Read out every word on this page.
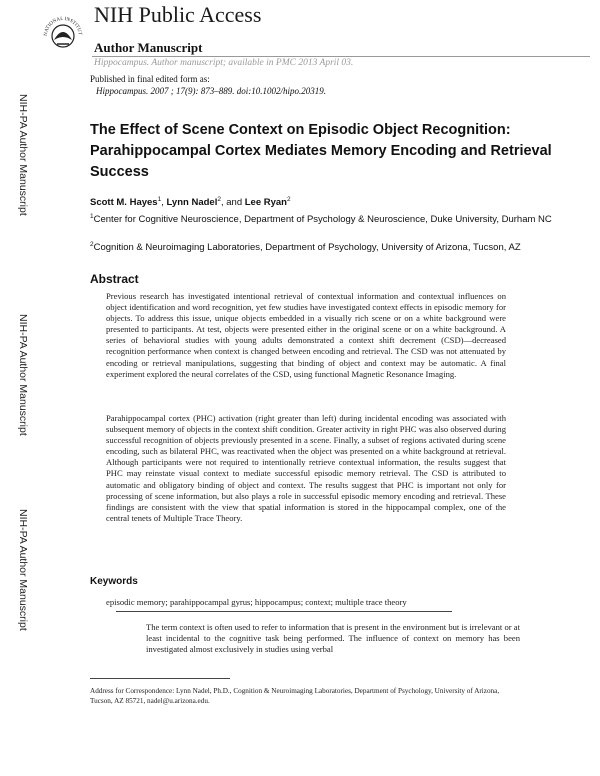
NATIONAL INSTITUT
NIH Public Access
Author Manuscript
Hippocampus. Author manuscript; available in PMC 2013 April 03.
Published in final edited form as:
Hippocampus. 2007 ; 17(9): 873–889. doi:10.1002/hipo.20319.
NIH-PA Author Manuscript
NIH-PA Author Manuscript
NIH-PA Author Manuscript
The Effect of Scene Context on Episodic Object Recognition: Parahippocampal Cortex Mediates Memory Encoding and Retrieval Success
Scott M. Hayes$^1$, Lynn Nadel$^2$, and Lee Ryan$^2$
$^1$Center for Cognitive Neuroscience, Department of Psychology & Neuroscience, Duke University, Durham NC
$^2$Cognition & Neuroimaging Laboratories, Department of Psychology, University of Arizona, Tucson, AZ
Abstract
Previous research has investigated intentional retrieval of contextual information and contextual influences on object identification and word recognition, yet few studies have investigated context effects in episodic memory for objects. To address this issue, unique objects embedded in a visually rich scene or on a white background were presented to participants. At test, objects were presented either in the original scene or on a white background. A series of behavioral studies with young adults demonstrated a context shift decrement (CSD)—decreased recognition performance when context is changed between encoding and retrieval. The CSD was not attenuated by encoding or retrieval manipulations, suggesting that binding of object and context may be automatic. A final experiment explored the neural correlates of the CSD, using functional Magnetic Resonance Imaging.
Parahippocampal cortex (PHC) activation (right greater than left) during incidental encoding was associated with subsequent memory of objects in the context shift condition. Greater activity in right PHC was also observed during successful recognition of objects previously presented in a scene. Finally, a subset of regions activated during scene encoding, such as bilateral PHC, was reactivated when the object was presented on a white background at retrieval. Although participants were not required to intentionally retrieve contextual information, the results suggest that PHC may reinstate visual context to mediate successful episodic memory retrieval. The CSD is attributed to automatic and obligatory binding of object and context. The results suggest that PHC is important not only for processing of scene information, but also plays a role in successful episodic memory encoding and retrieval. These findings are consistent with the view that spatial information is stored in the hippocampal complex, one of the central tenets of Multiple Trace Theory.
Keywords
episodic memory; parahippocampal gyrus; hippocampus; context; multiple trace theory
The term context is often used to refer to information that is present in the environment but is irrelevant or at least incidental to the cognitive task being performed. The influence of context on memory has been investigated almost exclusively in studies using verbal
Address for Correspondence: Lynn Nadel, Ph.D., Cognition & Neuroimaging Laboratories, Department of Psychology, University of Arizona, Tucson, AZ 85721, nadel@u.arizona.edu.
